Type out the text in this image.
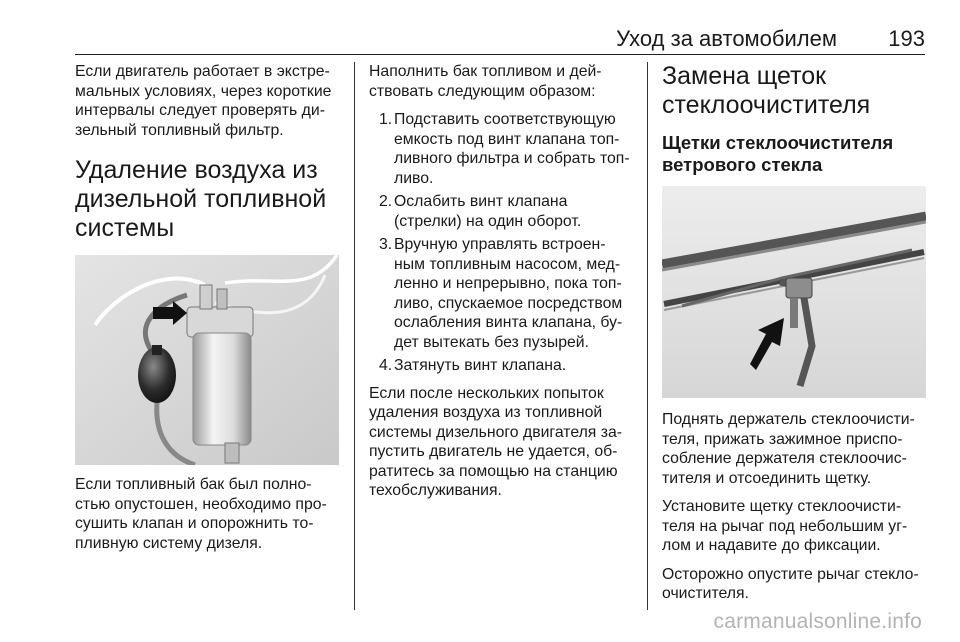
Уход за автомобилем 193

Если двигатель работает в экстре-мальных условиях, через короткие интервалы следует проверять ди-зельный топливный фильтр.

Удаление воздуха из дизельной топливной системы

Если топливный бак был полно-стью опустошен, необходимо про-сушить клапан и опорожнить то-пливную систему дизеля.

Наполнить бак топливом и дей-ствовать следующим образом:

1. Подставить соответствующую емкость под винт клапана топ-ливного фильтра и собрать топ-ливо.
2. Ослабить винт клапана (стрелки) на один оборот.
3. Вручную управлять встроен-ным топливным насосом, мед-ленно и непрерывно, пока топ-ливо, спускаемое посредством ослабления винта клапана, бу-дет вытекать без пузырей.
4. Затянуть винт клапана.

Если после нескольких попыток удаления воздуха из топливной системы дизельного двигателя за-пустить двигатель не удается, об-ратитесь за помощью на станцию техобслуживания.

Замена щеток стеклоочистителя
Щетки стеклоочистителя ветрового стекла

Поднять держатель стеклоочисти-теля, прижать зажимное приспо-собление держателя стеклоочис-тителя и отсоединить щетку.

Установите щетку стеклоочисти-теля на рычаг под небольшим уг-лом и надавите до фиксации.

Осторожно опустите рычаг стекло-очистителя.

carmanualsonline.info
